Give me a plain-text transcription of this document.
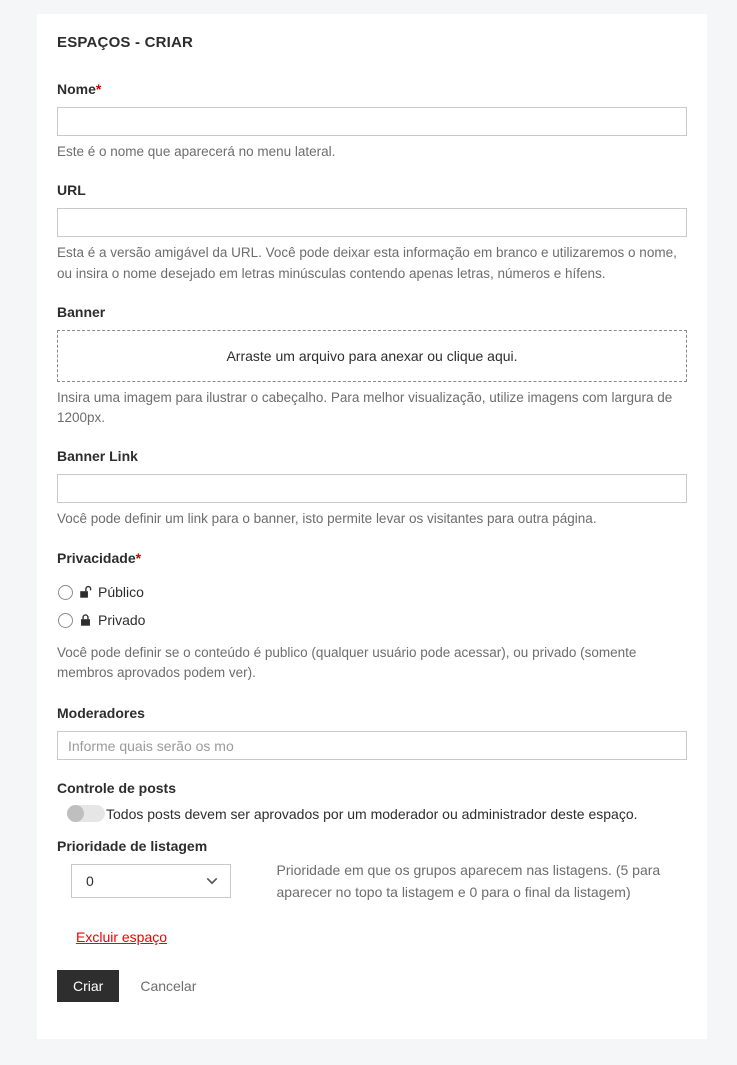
ESPAÇOS - CRIAR
Nome*
Este é o nome que aparecerá no menu lateral.
URL
Esta é a versão amigável da URL. Você pode deixar esta informação em branco e utilizaremos o nome, ou insira o nome desejado em letras minúsculas contendo apenas letras, números e hífens.
Banner
Arraste um arquivo para anexar ou clique aqui.
Insira uma imagem para ilustrar o cabeçalho. Para melhor visualização, utilize imagens com largura de 1200px.
Banner Link
Você pode definir um link para o banner, isto permite levar os visitantes para outra página.
Privacidade*
Público
Privado
Você pode definir se o conteúdo é publico (qualquer usuário pode acessar), ou privado (somente membros aprovados podem ver).
Moderadores
Informe quais serão os mo
Controle de posts
Todos posts devem ser aprovados por um moderador ou administrador deste espaço.
Prioridade de listagem
0
Prioridade em que os grupos aparecem nas listagens. (5 para aparecer no topo ta listagem e 0 para o final da listagem)
Excluir espaço
Criar	Cancelar
